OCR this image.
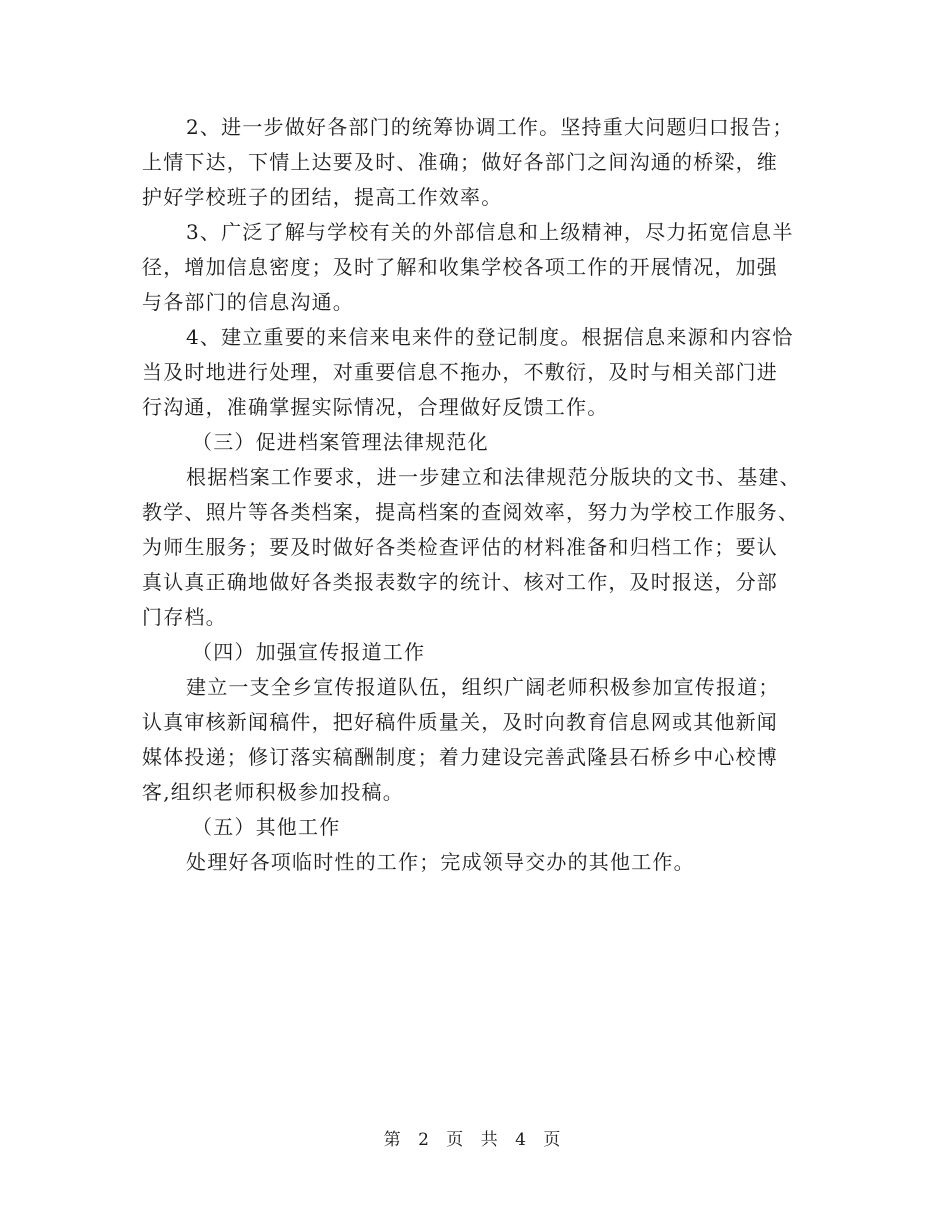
2、进一步做好各部门的统筹协调工作。坚持重大问题归口报告；
上情下达，下情上达要及时、准确；做好各部门之间沟通的桥梁，维
护好学校班子的团结，提高工作效率。
3、广泛了解与学校有关的外部信息和上级精神，尽力拓宽信息半
径，增加信息密度；及时了解和收集学校各项工作的开展情况，加强
与各部门的信息沟通。
4、建立重要的来信来电来件的登记制度。根据信息来源和内容恰
当及时地进行处理，对重要信息不拖办，不敷衍，及时与相关部门进
行沟通，准确掌握实际情况，合理做好反馈工作。
（三）促进档案管理法律规范化
根据档案工作要求，进一步建立和法律规范分版块的文书、基建、
教学、照片等各类档案，提高档案的查阅效率，努力为学校工作服务、
为师生服务；要及时做好各类检查评估的材料准备和归档工作；要认
真认真正确地做好各类报表数字的统计、核对工作，及时报送，分部
门存档。
（四）加强宣传报道工作
建立一支全乡宣传报道队伍，组织广阔老师积极参加宣传报道；
认真审核新闻稿件，把好稿件质量关，及时向教育信息网或其他新闻
媒体投递；修订落实稿酬制度；着力建设完善武隆县石桥乡中心校博
客,组织老师积极参加投稿。
（五）其他工作
处理好各项临时性的工作；完成领导交办的其他工作。
第 2 页 共 4 页
